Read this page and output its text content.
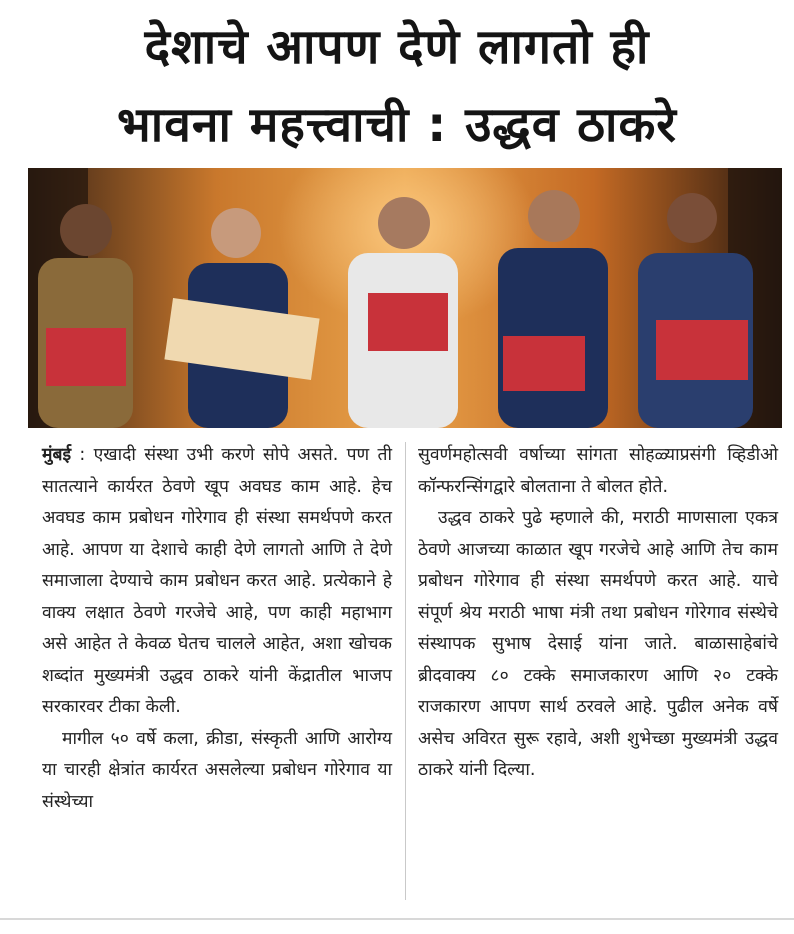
देशाचे आपण देणे लागतो ही
भावना महत्त्वाची : उद्धव ठाकरे

मुंबई : एखादी संस्था उभी करणे सोपे असते. पण ती सातत्याने कार्यरत ठेवणे खूप अवघड काम आहे. हेच अवघड काम प्रबोधन गोरेगाव ही संस्था समर्थपणे करत आहे. आपण या देशाचे काही देणे लागतो आणि ते देणे समाजाला देण्याचे काम प्रबोधन करत आहे. प्रत्येकाने हे वाक्य लक्षात ठेवणे गरजेचे आहे, पण काही महाभाग असे आहेत ते केवळ घेतच चालले आहेत, अशा खोचक शब्दांत मुख्यमंत्री उद्धव ठाकरे यांनी केंद्रातील भाजप सरकारवर टीका केली.

मागील ५० वर्षे कला, क्रीडा, संस्कृती आणि आरोग्य या चारही क्षेत्रांत कार्यरत असलेल्या प्रबोधन गोरेगाव या संस्थेच्या

सुवर्णमहोत्सवी वर्षाच्या सांगता सोहळ्याप्रसंगी व्हिडीओ कॉन्फरन्सिंगद्वारे बोलताना ते बोलत होते.

उद्धव ठाकरे पुढे म्हणाले की, मराठी माणसाला एकत्र ठेवणे आजच्या काळात खूप गरजेचे आहे आणि तेच काम प्रबोधन गोरेगाव ही संस्था समर्थपणे करत आहे. याचे संपूर्ण श्रेय मराठी भाषा मंत्री तथा प्रबोधन गोरेगाव संस्थेचे संस्थापक सुभाष देसाई यांना जाते. बाळासाहेबांचे ब्रीदवाक्य ८० टक्के समाजकारण आणि २० टक्के राजकारण आपण सार्थ ठरवले आहे. पुढील अनेक वर्षे असेच अविरत सुरू रहावे, अशी शुभेच्छा मुख्यमंत्री उद्धव ठाकरे यांनी दिल्या.
